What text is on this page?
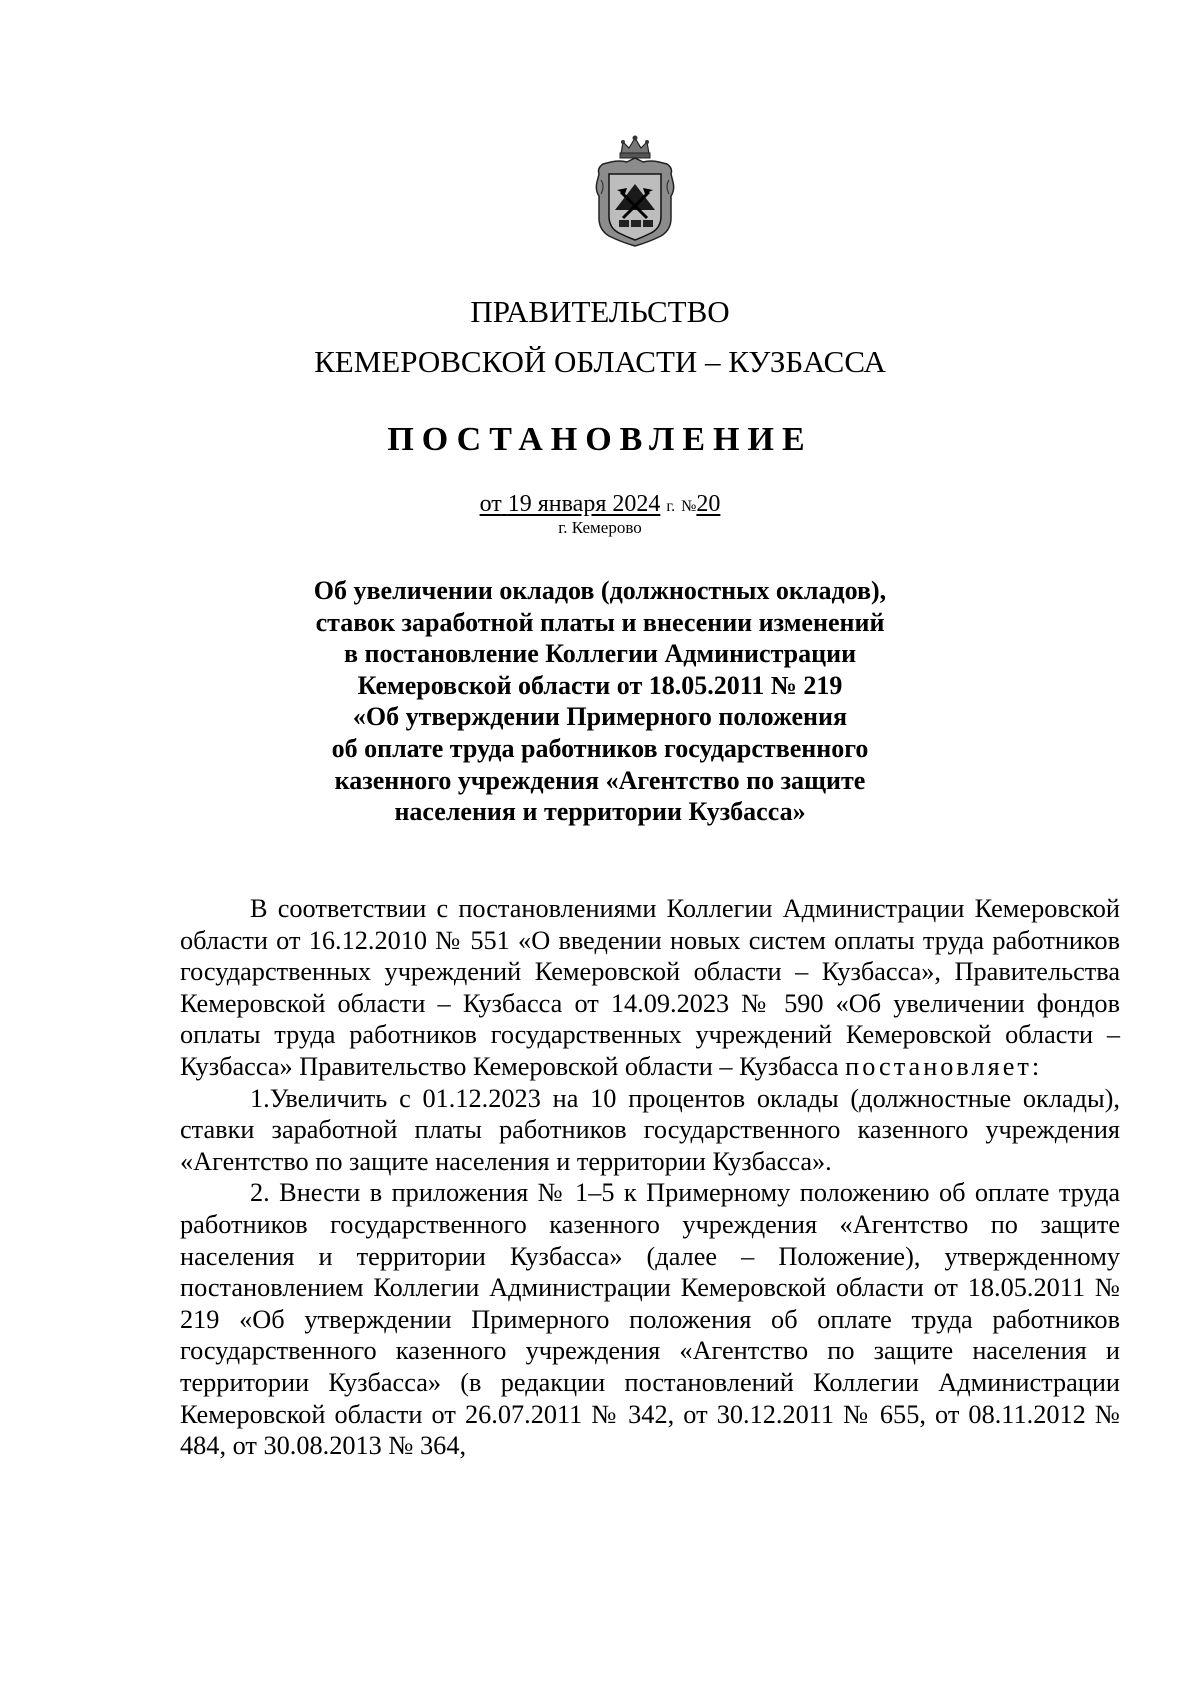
ПРАВИТЕЛЬСТВО
КЕМЕРОВСКОЙ ОБЛАСТИ – КУЗБАССА
ПОСТАНОВЛЕНИЕ
от 19 января 2024 г. №20
г. Кемерово
Об увеличении окладов (должностных окладов),
ставок заработной платы и внесении изменений
в постановление Коллегии Администрации
Кемеровской области от 18.05.2011 № 219
«Об утверждении Примерного положения
об оплате труда работников государственного
казенного учреждения «Агентство по защите
населения и территории Кузбасса»

В соответствии с постановлениями Коллегии Администрации Кемеровской области от 16.12.2010 № 551 «О введении новых систем оплаты труда работников государственных учреждений Кемеровской области – Кузбасса», Правительства Кемеровской области – Кузбасса от 14.09.2023 № 590 «Об увеличении фондов оплаты труда работников государственных учреждений Кемеровской области – Кузбасса» Правительство Кемеровской области – Кузбасса постановляет:

1.Увеличить с 01.12.2023 на 10 процентов оклады (должностные оклады), ставки заработной платы работников государственного казенного учреждения «Агентство по защите населения и территории Кузбасса».

2. Внести в приложения № 1–5 к Примерному положению об оплате труда работников государственного казенного учреждения «Агентство по защите населения и территории Кузбасса» (далее – Положение), утвержденному постановлением Коллегии Администрации Кемеровской области от 18.05.2011 № 219 «Об утверждении Примерного положения об оплате труда работников государственного казенного учреждения «Агентство по защите населения и территории Кузбасса» (в редакции постановлений Коллегии Администрации Кемеровской области от 26.07.2011 № 342, от 30.12.2011 № 655, от 08.11.2012 № 484, от 30.08.2013 № 364,
